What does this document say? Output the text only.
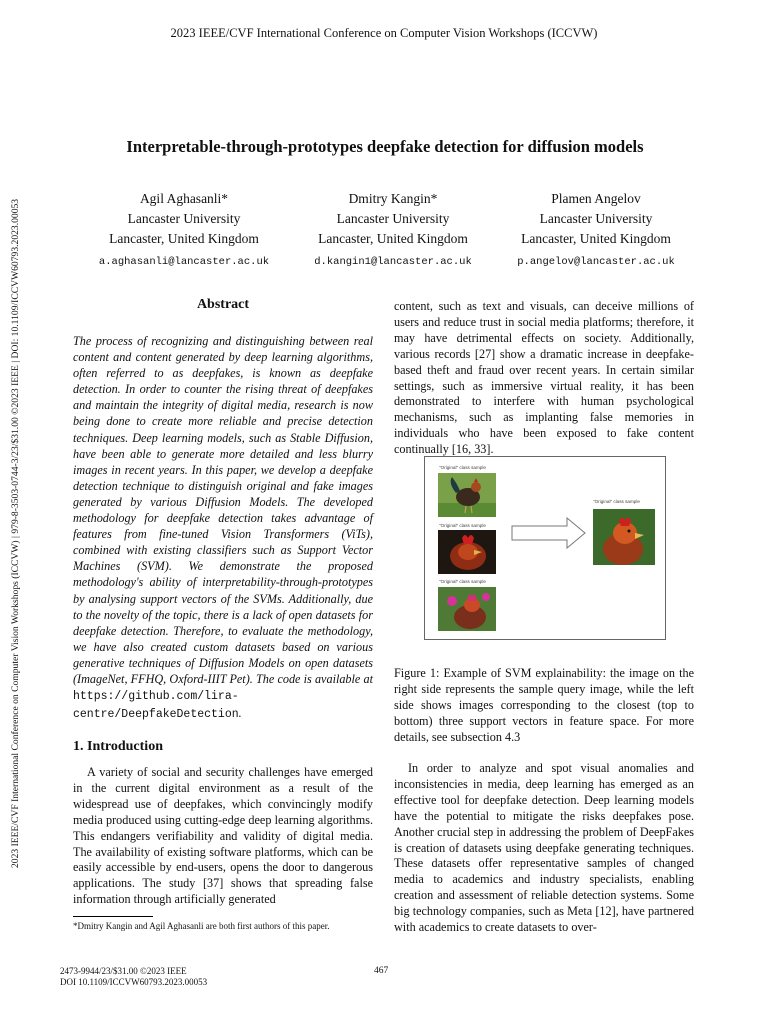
2023 IEEE/CVF International Conference on Computer Vision Workshops (ICCVW)
2023 IEEE/CVF International Conference on Computer Vision Workshops (ICCVW) | 979-8-3503-0744-3/23/$31.00 ©2023 IEEE | DOI: 10.1109/ICCVW60793.2023.00053
Interpretable-through-prototypes deepfake detection for diffusion models
Agil Aghasanli*
Lancaster University
Lancaster, United Kingdom
a.aghasanli@lancaster.ac.uk
Dmitry Kangin*
Lancaster University
Lancaster, United Kingdom
d.kangin1@lancaster.ac.uk
Plamen Angelov
Lancaster University
Lancaster, United Kingdom
p.angelov@lancaster.ac.uk
Abstract
The process of recognizing and distinguishing between real content and content generated by deep learning algorithms, often referred to as deepfakes, is known as deepfake detection. In order to counter the rising threat of deepfakes and maintain the integrity of digital media, research is now being done to create more reliable and precise detection techniques. Deep learning models, such as Stable Diffusion, have been able to generate more detailed and less blurry images in recent years. In this paper, we develop a deepfake detection technique to distinguish original and fake images generated by various Diffusion Models. The developed methodology for deepfake detection takes advantage of features from fine-tuned Vision Transformers (ViTs), combined with existing classifiers such as Support Vector Machines (SVM). We demonstrate the proposed methodology's ability of interpretability-through-prototypes by analysing support vectors of the SVMs. Additionally, due to the novelty of the topic, there is a lack of open datasets for deepfake detection. Therefore, to evaluate the methodology, we have also created custom datasets based on various generative techniques of Diffusion Models on open datasets (ImageNet, FFHQ, Oxford-IIIT Pet). The code is available at https://github.com/lira-centre/DeepfakeDetection.
1. Introduction
A variety of social and security challenges have emerged in the current digital environment as a result of the widespread use of deepfakes, which convincingly modify media produced using cutting-edge deep learning algorithms. This endangers verifiability and validity of digital media. The availability of existing software platforms, which can be easily accessible by end-users, opens the door to dangerous applications. The study [37] shows that spreading false information through artificially generated
*Dmitry Kangin and Agil Aghasanli are both first authors of this paper.
content, such as text and visuals, can deceive millions of users and reduce trust in social media platforms; therefore, it may have detrimental effects on society. Additionally, various records [27] show a dramatic increase in deepfake-based theft and fraud over recent years. In certain similar settings, such as immersive virtual reality, it has been demonstrated to interfere with human psychological mechanisms, such as implanting false memories in individuals who have been exposed to fake content continually [16, 33].
"Original" class sample
"Original" class sample
"Original" class sample
"Original" class sample
Figure 1: Example of SVM explainability: the image on the right side represents the sample query image, while the left side shows images corresponding to the closest (top to bottom) three support vectors in feature space. For more details, see subsection 4.3
In order to analyze and spot visual anomalies and inconsistencies in media, deep learning has emerged as an effective tool for deepfake detection. Deep learning models have the potential to mitigate the risks deepfakes pose. Another crucial step in addressing the problem of DeepFakes is creation of datasets using deepfake generating techniques. These datasets offer representative samples of changed media to academics and industry specialists, enabling creation and assessment of reliable detection systems. Some big technology companies, such as Meta [12], have partnered with academics to create datasets to over-
2473-9944/23/$31.00 ©2023 IEEE
DOI 10.1109/ICCVW60793.2023.00053
467
